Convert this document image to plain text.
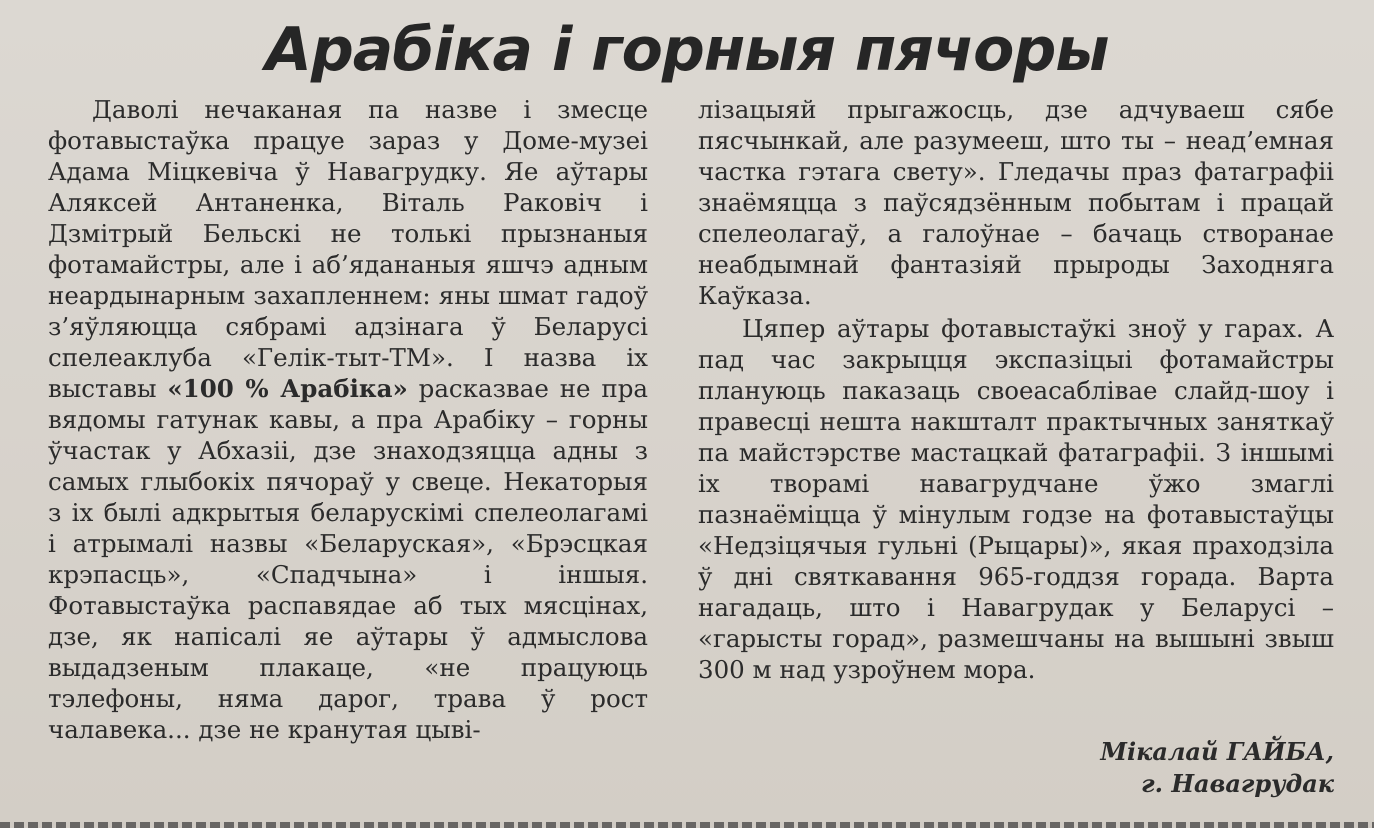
Арабіка і горныя пячоры

Даволі нечаканая па назве і змесце фотавыстаўка працуе зараз у Доме-музеі Адама Міцкевіча ў Навагрудку. Яе аўтары Аляксей Антаненка, Віталь Раковіч і Дзмітрый Бельскі не толькі прызнаныя фотамайстры, але і аб’ядананыя яшчэ адным неардынарным захапленнем: яны шмат гадоў з’яўляюцца сябрамі адзінага ў Беларусі спелеаклуба «Гелік-тыт-ТМ». І назва іх выставы «100 % Арабіка» расказвае не пра вядомы гатунак кавы, а пра Арабіку – горны ўчастак у Абхазіі, дзе знаходзяцца адны з самых глыбокіх пячораў у свеце. Некаторыя з іх былі адкрытыя беларускімі спелеолагамі і атрымалі назвы «Беларуская», «Брэсцкая крэпасць», «Спадчына» і іншыя. Фотавыстаўка распавядае аб тых мясцінах, дзе, як напісалі яе аўтары ў адмыслова выдадзеным плакаце, «не працуюць тэлефоны, няма дарог, трава ў рост чалавека... дзе не кранутая цыві-

лізацыяй прыгажосць, дзе адчуваеш сябе пясчынкай, але разумееш, што ты – неад’емная частка гэтага свету». Гледачы праз фатаграфіі знаёмяцца з паўсядзённым побытам і працай спелеолагаў, а галоўнае – бачаць створанае неабдымнай фантазіяй прыроды Заходняга Каўказа.

Цяпер аўтары фотавыстаўкі зноў у гарах. А пад час закрыцця экспазіцыі фотамайстры плануюць паказаць своеасаблівае слайд-шоу і правесці нешта накшталт практычных заняткаў па майстэрстве мастацкай фатаграфіі. З іншымі іх творамі навагрудчане ўжо змаглі пазнаёміцца ў мінулым годзе на фотавыстаўцы «Недзіцячыя гульні (Рыцары)», якая праходзіла ў дні святкавання 965-годдзя горада. Варта нагадаць, што і Навагрудак у Беларусі – «гарысты горад», размешчаны на вышыні звыш 300 м над узроўнем мора.

Мікалай ГАЙБА,
г. Навагрудак
